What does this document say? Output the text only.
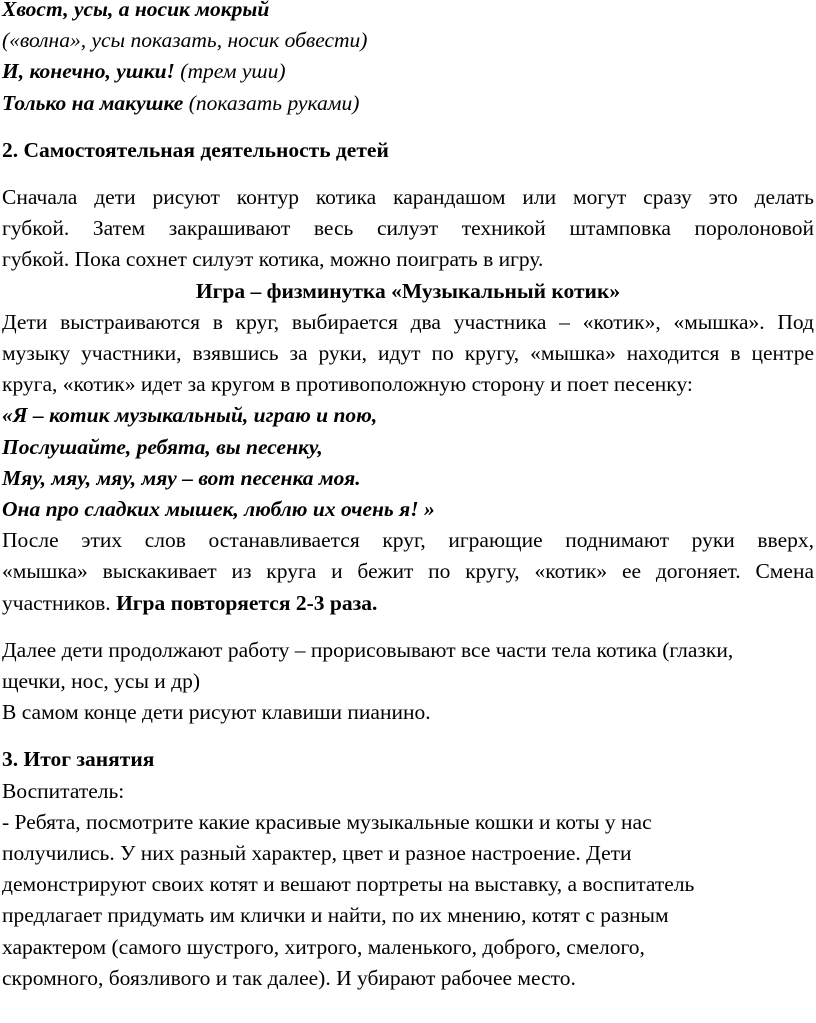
Хвост, усы, а носик мокрый

(«волна», усы показать, носик обвести)

И, конечно, ушки! (трем уши)

Только на макушке (показать руками)

2. Самостоятельная деятельность детей

Сначала дети рисуют контур котика карандашом или могут сразу это делать

губкой. Затем закрашивают весь силуэт техникой штамповка поролоновой

губкой. Пока сохнет силуэт котика, можно поиграть в игру.

Игра – физминутка «Музыкальный котик»

Дети выстраиваются в круг, выбирается два участника – «котик», «мышка». Под

музыку участники, взявшись за руки, идут по кругу, «мышка» находится в центре

круга, «котик» идет за кругом в противоположную сторону и поет песенку:

«Я – котик музыкальный, играю и пою,

Послушайте, ребята, вы песенку,

Мяу, мяу, мяу, мяу – вот песенка моя.

Она про сладких мышек, люблю их очень я! »

После этих слов останавливается круг, играющие поднимают руки вверх,

«мышка» выскакивает из круга и бежит по кругу, «котик» ее догоняет. Смена

участников. Игра повторяется 2-3 раза.

Далее дети продолжают работу – прорисовывают все части тела котика (глазки,

щечки, нос, усы и др)

В самом конце дети рисуют клавиши пианино.

3. Итог занятия

Воспитатель:

- Ребята, посмотрите какие красивые музыкальные кошки и коты у нас

получились. У них разный характер, цвет и разное настроение. Дети

демонстрируют своих котят и вешают портреты на выставку, а воспитатель

предлагает придумать им клички и найти, по их мнению, котят с разным

характером (самого шустрого, хитрого, маленького, доброго, смелого,

скромного, боязливого и так далее). И убирают рабочее место.
